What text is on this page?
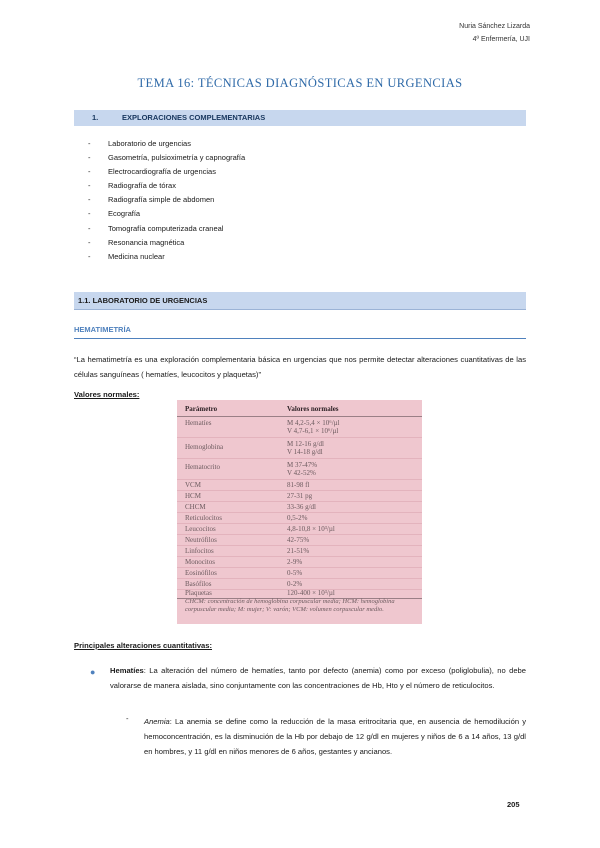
Nuria Sánchez Lizarda
4º Enfermería, UJI
TEMA 16: TÉCNICAS DIAGNÓSTICAS EN URGENCIAS
1.	EXPLORACIONES COMPLEMENTARIAS
-	Laboratorio de urgencias
-	Gasometría, pulsioximetría y capnografía
-	Electrocardiografía de urgencias
-	Radiografía de tórax
-	Radiografía simple de abdomen
-	Ecografía
-	Tomografía computerizada craneal
-	Resonancia magnética
-	Medicina nuclear
1.1. LABORATORIO DE URGENCIAS
HEMATIMETRÍA
“La hematimetría es una exploración complementaria básica en urgencias que nos permite detectar alteraciones cuantitativas de las células sanguíneas ( hematíes, leucocitos y plaquetas)”
Valores normales:
Parámetro	Valores normales
Hematíes	M 4,2-5,4 × 10⁶/µl
V 4,7-6,1 × 10⁶/µl
Hemoglobina	M 12-16 g/dl
V 14-18 g/dl
Hematocrito	M 37-47%
V 42-52%
VCM	81-98 fl
HCM	27-31 pg
CHCM	33-36 g/dl
Reticulocitos	0,5-2%
Leucocitos	4,8-10,8 × 10³/µl
Neutrófilos	42-75%
Linfocitos	21-51%
Monocitos	2-9%
Eosinófilos	0-5%
Basófilos	0-2%
Plaquetas	120-400 × 10³/µl
CHCM: concentración de hemoglobina corpuscular media; HCM: hemoglobina corpuscular media; M: mujer; V: varón; VCM: volumen corpuscular medio.
Principales alteraciones cuantitativas:
●	Hematíes: La alteración del número de hematíes, tanto por defecto (anemia) como por exceso (poliglobulia), no debe valorarse de manera aislada, sino conjuntamente con las concentraciones de Hb, Hto y el número de reticulocitos.
- Anemia: La anemia se define como la reducción de la masa eritrocitaria que, en ausencia de hemodilución y hemoconcentración, es la disminución de la Hb por debajo de 12 g/dl en mujeres y niños de 6 a 14 años, 13 g/dl en hombres, y 11 g/dl en niños menores de 6 años, gestantes y ancianos.
205
